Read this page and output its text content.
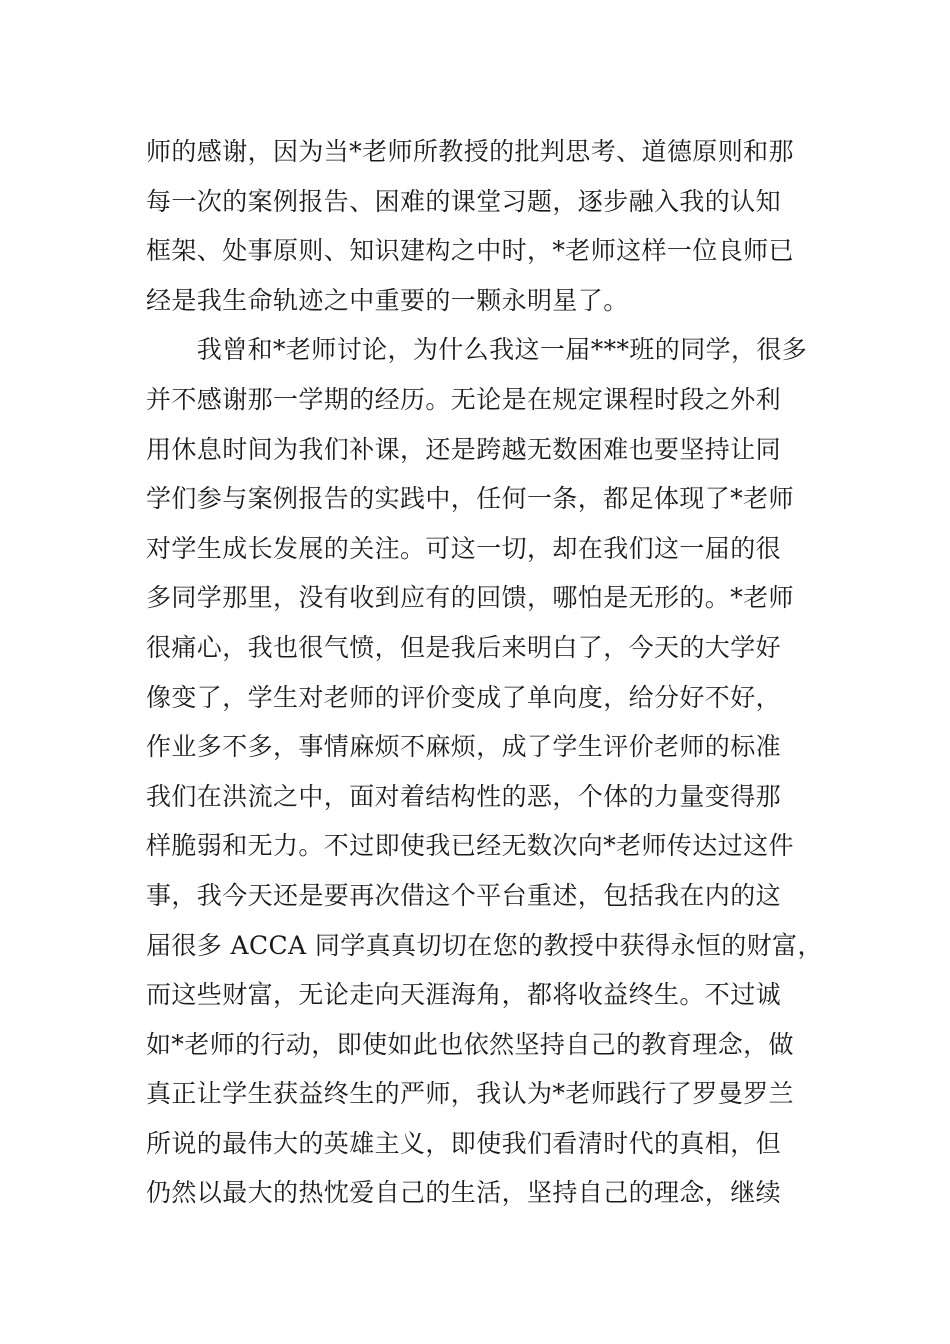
师的感谢，因为当*老师所教授的批判思考、道德原则和那
每一次的案例报告、困难的课堂习题，逐步融入我的认知
框架、处事原则、知识建构之中时，*老师这样一位良师已
经是我生命轨迹之中重要的一颗永明星了。
　　我曾和*老师讨论，为什么我这一届***班的同学，很多
并不感谢那一学期的经历。无论是在规定课程时段之外利
用休息时间为我们补课，还是跨越无数困难也要坚持让同
学们参与案例报告的实践中，任何一条，都足体现了*老师
对学生成长发展的关注。可这一切，却在我们这一届的很
多同学那里，没有收到应有的回馈，哪怕是无形的。*老师
很痛心，我也很气愤，但是我后来明白了，今天的大学好
像变了，学生对老师的评价变成了单向度，给分好不好，
作业多不多，事情麻烦不麻烦，成了学生评价老师的标准
我们在洪流之中，面对着结构性的恶，个体的力量变得那
样脆弱和无力。不过即使我已经无数次向*老师传达过这件
事，我今天还是要再次借这个平台重述，包括我在内的这
届很多 ACCA 同学真真切切在您的教授中获得永恒的财富，
而这些财富，无论走向天涯海角，都将收益终生。不过诚
如*老师的行动，即使如此也依然坚持自己的教育理念，做
真正让学生获益终生的严师，我认为*老师践行了罗曼罗兰
所说的最伟大的英雄主义，即使我们看清时代的真相，但
仍然以最大的热忱爱自己的生活，坚持自己的理念，继续
